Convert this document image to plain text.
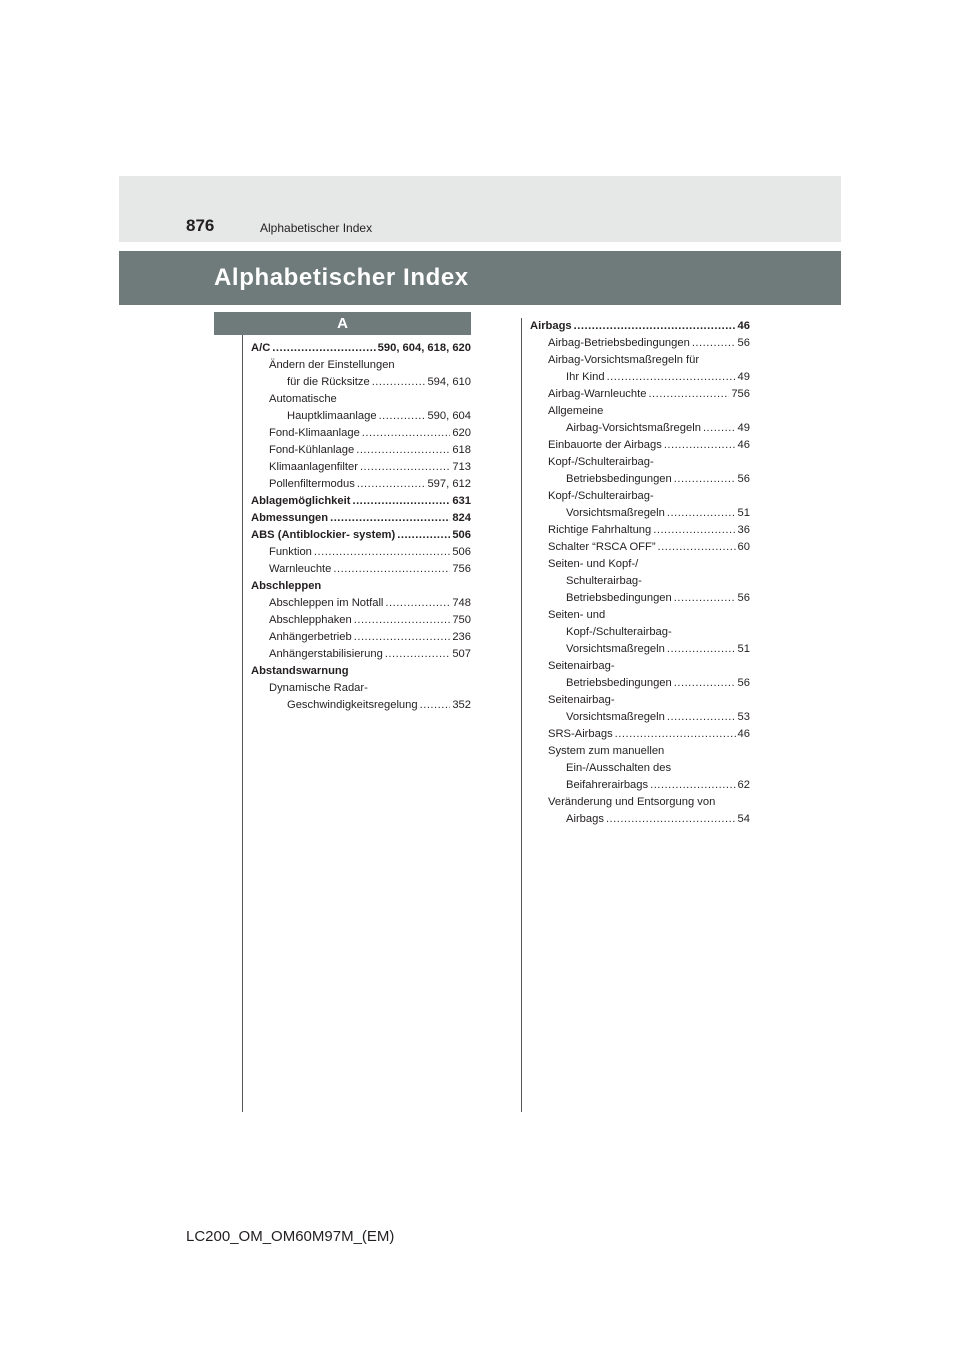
876	Alphabetischer Index
Alphabetischer Index
A
A/C .....	590, 604, 618, 620
Ändern der Einstellungen
für die Rücksitze .....	594, 610
Automatische
Hauptklimaanlage .....	590, 604
Fond-Klimaanlage .....	620
Fond-Kühlanlage .....	618
Klimaanlagenfilter .....	713
Pollenfiltermodus .....	597, 612
Ablagemöglichkeit .....	631
Abmessungen .....	824
ABS (Antiblockier- system) .....	506
Funktion .....	506
Warnleuchte .....	756
Abschleppen
Abschleppen im Notfall .....	748
Abschlepphaken .....	750
Anhängerbetrieb .....	236
Anhängerstabilisierung .....	507
Abstandswarnung
Dynamische Radar-
Geschwindigkeitsregelung .....	352
Airbags .....	46
Airbag-Betriebsbedingungen .....	56
Airbag-Vorsichtsmaßregeln für
Ihr Kind .....	49
Airbag-Warnleuchte .....	756
Allgemeine
Airbag-Vorsichtsmaßregeln .....	49
Einbauorte der Airbags .....	46
Kopf-/Schulterairbag-
Betriebsbedingungen .....	56
Kopf-/Schulterairbag-
Vorsichtsmaßregeln .....	51
Richtige Fahrhaltung .....	36
Schalter “RSCA OFF” .....	60
Seiten- und Kopf-/
Schulterairbag-
Betriebsbedingungen .....	56
Seiten- und
Kopf-/Schulterairbag-
Vorsichtsmaßregeln .....	51
Seitenairbag-
Betriebsbedingungen .....	56
Seitenairbag-
Vorsichtsmaßregeln .....	53
SRS-Airbags .....	46
System zum manuellen
Ein-/Ausschalten des
Beifahrerairbags .....	62
Veränderung und Entsorgung von
Airbags .....	54
LC200_OM_OM60M97M_(EM)
